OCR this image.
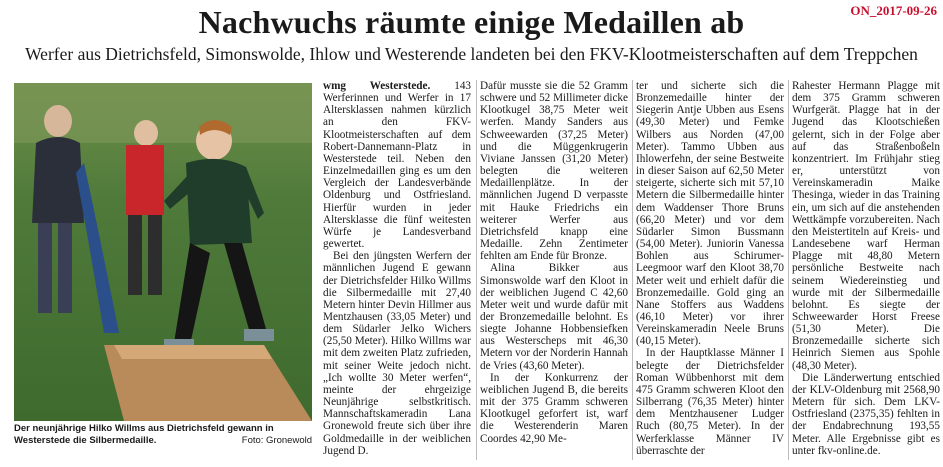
ON_2017-09-26
Nachwuchs räumte einige Medaillen ab
Werfer aus Dietrichsfeld, Simonswolde, Ihlow und Westerende landeten bei den FKV-Klootmeisterschaften auf dem Treppchen
Der neunjährige Hilko Willms aus Dietrichsfeld gewann in Westerstede die Silbermedaille.	Foto: Gronewold

wmg Westerstede. 143 Werferinnen und Werfer in 17 Altersklassen nahmen kürzlich an den FKV-Klootmeisterschaften auf dem Robert-Dannemann-Platz in Westerstede teil. Neben den Einzelmedaillen ging es um den Vergleich der Landesverbände Oldenburg und Ostfriesland. Hierfür wurden in jeder Altersklasse die fünf weitesten Würfe je Landesverband gewertet.

Bei den jüngsten Werfern der männlichen Jugend E gewann der Dietrichsfelder Hilko Willms die Silbermedaille mit 27,40 Metern hinter Devin Hillmer aus Mentzhausen (33,05 Meter) und dem Südarler Jelko Wichers (25,50 Meter). Hilko Willms war mit dem zweiten Platz zufrieden, mit seiner Weite jedoch nicht. „Ich wollte 30 Meter werfen“, meinte der ehrgeizige Neunjährige selbstkritisch. Mannschaftskameradin Lana Gronewold freute sich über ihre Goldmedaille in der weiblichen Jugend D.

Dafür musste sie die 52 Gramm schwere und 52 Millimeter dicke Klootkugel 38,75 Meter weit werfen. Mandy Sanders aus Schweewarden (37,25 Meter) und die Müggenkrugerin Viviane Janssen (31,20 Meter) belegten die weiteren Medaillenplätze. In der männlichen Jugend D verpasste mit Hauke Friedrichs ein weiterer Werfer aus Dietrichsfeld knapp eine Medaille. Zehn Zentimeter fehlten am Ende für Bronze.

Alina Bikker aus Simonswolde warf den Kloot in der weiblichen Jugend C 42,60 Meter weit und wurde dafür mit der Bronzemedaille belohnt. Es siegte Johanne Hobbensiefken aus Westerscheps mit 46,30 Metern vor der Norderin Hannah de Vries (43,60 Meter).

In der Konkurrenz der weiblichen Jugend B, die bereits mit der 375 Gramm schweren Klootkugel geforfert ist, warf die Westerenderin Maren Coordes 42,90 Me-

ter und sicherte sich die Bronzemedaille hinter der Siegerin Antje Ubben aus Esens (49,30 Meter) und Femke Wilbers aus Norden (47,00 Meter). Tammo Ubben aus Ihlowerfehn, der seine Bestweite in dieser Saison auf 62,50 Meter steigerte, sicherte sich mit 57,10 Metern die Silbermedaille hinter dem Waddenser Thore Bruns (66,20 Meter) und vor dem Südarler Simon Bussmann (54,00 Meter). Juniorin Vanessa Bohlen aus Schirumer-Leegmoor warf den Kloot 38,70 Meter weit und erhielt dafür die Bronzemedaille. Gold ging an Nane Stoffers aus Waddens (46,10 Meter) vor ihrer Vereinskameradin Neele Bruns (40,15 Meter).

In der Hauptklasse Männer I belegte der Dietrichsfelder Roman Wübbenhorst mit dem 475 Gramm schweren Kloot den Silberrang (76,35 Meter) hinter dem Mentzhausener Ludger Ruch (80,75 Meter). In der Werferklasse Männer IV überraschte der

Rahester Hermann Plagge mit dem 375 Gramm schweren Wurfgerät. Plagge hat in der Jugend das Klootschießen gelernt, sich in der Folge aber auf das Straßenboßeln konzentriert. Im Frühjahr stieg er, unterstützt von Vereinskameradin Maike Thesinga, wieder in das Training ein, um sich auf die anstehenden Wettkämpfe vorzubereiten. Nach den Meistertiteln auf Kreis- und Landesebene warf Herman Plagge mit 48,80 Metern persönliche Bestweite nach seinem Wiedereinstieg und wurde mit der Silbermedaille belohnt. Es siegte der Schweewarder Horst Freese (51,30 Meter). Die Bronzemedaille sicherte sich Heinrich Siemen aus Spohle (48,30 Meter).

Die Länderwertung entschied der KLV-Oldenburg mit 2568,90 Metern für sich. Dem LKV-Ostfriesland (2375,35) fehlten in der Endabrechnung 193,55 Meter. Alle Ergebnisse gibt es unter fkv-online.de.
